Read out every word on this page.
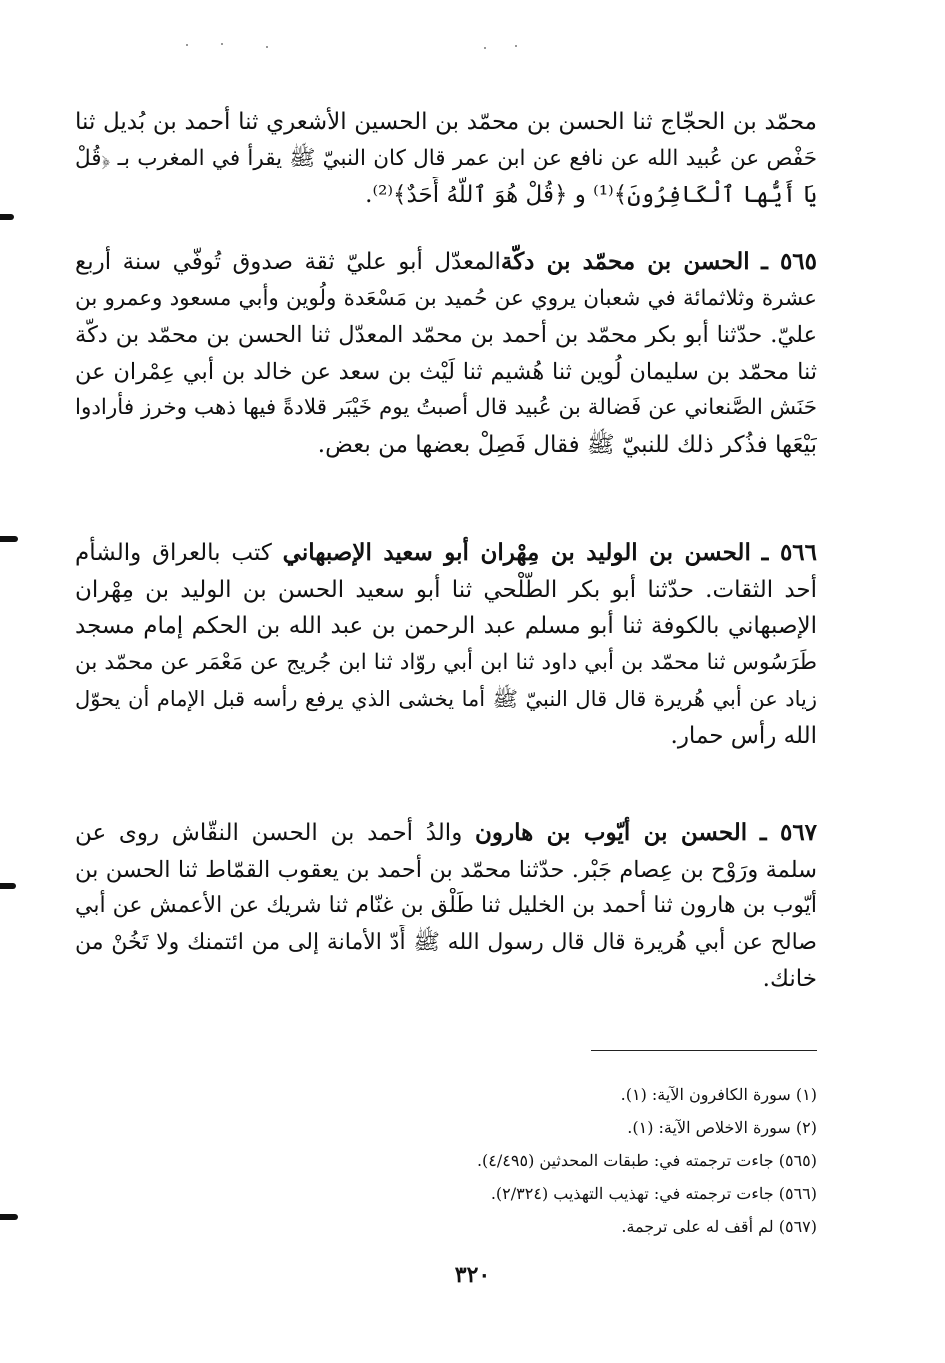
محمّد بن الحجّاج ثنا الحسن بن محمّد بن الحسين الأشعري ثنا أحمد بن بُديل ثنا
حَفْص عن عُبيد الله عن نافع عن ابن عمر قال كان النبيّ ﷺ يقرأ في المغرب بـ ﴿قُلْ
يَا أَيُّها ٱلْكَافِرُونَ﴾⁽¹⁾ و ﴿قُلْ هُوَ ٱللَّهُ أَحَدٌ﴾⁽²⁾.
٥٦٥ ـ الحسن بن محمّد بن دكّةالمعدّل أبو عليّ ثقة صدوق تُوفّي سنة أربع
عشرة وثلاثمائة في شعبان يروي عن حُميد بن مَسْعَدة ولُوين وأبي مسعود وعمرو بن
عليّ. حدّثنا أبو بكر محمّد بن أحمد بن محمّد المعدّل ثنا الحسن بن محمّد بن دكّة
ثنا محمّد بن سليمان لُوين ثنا هُشيم ثنا لَيْث بن سعد عن خالد بن أبي عِمْران عن
حَنَش الصَّنعاني عن فَضالة بن عُبيد قال أصبتُ يوم خَيْبَر قلادةً فيها ذهب وخرز فأرادوا
بَيْعَها فذُكر ذلك للنبيّ ﷺ فقال فَصِلْ بعضها من بعض.
٥٦٦ ـ الحسن بن الوليد بن مِهْران أبو سعيد الإصبهاني كتب بالعراق والشأم
أحد الثقات. حدّثنا أبو بكر الطَّلْحي ثنا أبو سعيد الحسن بن الوليد بن مِهْران
الإصبهاني بالكوفة ثنا أبو مسلم عبد الرحمن بن عبد الله بن الحكم إمام مسجد
طَرَسُوس ثنا محمّد بن أبي داود ثنا ابن أبي روّاد ثنا ابن جُريج عن مَعْمَر عن محمّد بن
زياد عن أبي هُريرة قال قال النبيّ ﷺ أما يخشى الذي يرفع رأسه قبل الإمام أن يحوّل
الله رأس حمار.
٥٦٧ ـ الحسن بن أيّوب بن هارون والدُ أحمد بن الحسن النقّاش روى عن
سلمة ورَوْح بن عِصام جَبْر. حدّثنا محمّد بن أحمد بن يعقوب القمّاط ثنا الحسن بن
أيّوب بن هارون ثنا أحمد بن الخليل ثنا طَلْق بن غنّام ثنا شريك عن الأعمش عن أبي
صالح عن أبي هُريرة قال قال رسول الله ﷺ أَدّ الأمانة إلى من ائتمنك ولا تَخُنْ من
خانك.
(١) سورة الكافرون الآية: (١).
(٢) سورة الاخلاص الآية: (١).
(٥٦٥) جاءت ترجمته في: طبقات المحدثين (٤/٤٩٥).
(٥٦٦) جاءت ترجمته في: تهذيب التهذيب (٢/٣٢٤).
(٥٦٧) لم أقف له على ترجمة.
٣٢٠
